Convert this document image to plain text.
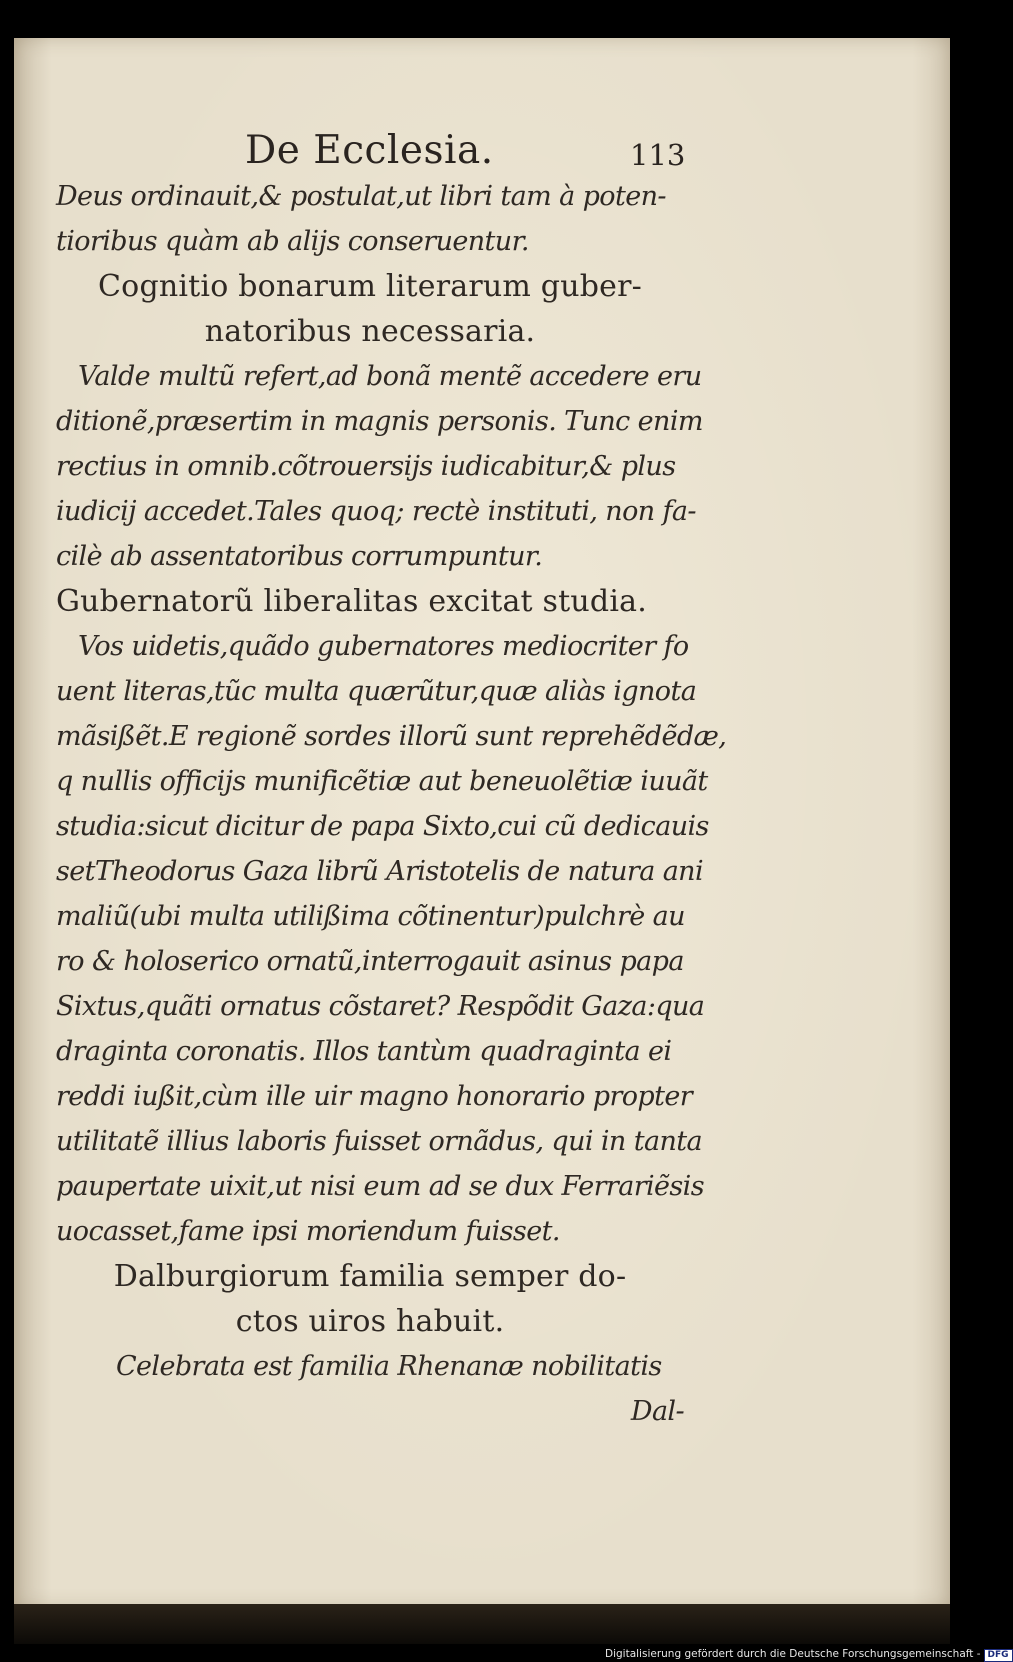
De Ecclesia.	113
Deus ordinauit,& postulat,ut libri tam à poten-
tioribus quàm ab alijs conseruentur.
Cognitio bonarum literarum guber-
natoribus necessaria.
Valde multũ refert,ad bonã mentẽ accedere eru
ditionẽ,præsertim in magnis personis. Tunc enim
rectius in omnib.cõtrouersijs iudicabitur,& plus
iudicij accedet.Tales quoq; rectè instituti, non fa-
cilè ab assentatoribus corrumpuntur.
Gubernatorũ liberalitas excitat studia.
Vos uidetis,quãdo gubernatores mediocriter fo
uent literas,tũc multa quærũtur,quæ aliàs ignota
mãsißẽt.E regionẽ sordes illorũ sunt reprehẽdẽdæ,
q nullis officijs munificẽtiæ aut beneuolẽtiæ iuuãt
studia:sicut dicitur de papa Sixto,cui cũ dedicauis
setTheodorus Gaza librũ Aristotelis de natura ani
maliũ(ubi multa utilißima cõtinentur)pulchrè au
ro & holoserico ornatũ,interrogauit asinus papa
Sixtus,quãti ornatus cõstaret? Respõdit Gaza:qua
draginta coronatis. Illos tantùm quadraginta ei
reddi iußit,cùm ille uir magno honorario propter
utilitatẽ illius laboris fuisset ornãdus, qui in tanta
paupertate uixit,ut nisi eum ad se dux Ferrariẽsis
uocasset,fame ipsi moriendum fuisset.
Dalburgiorum familia semper do-
ctos uiros habuit.
Celebrata est familia Rhenanæ nobilitatis
Dal-
Digitalisierung gefördert durch die Deutsche Forschungsgemeinschaft - DFG
